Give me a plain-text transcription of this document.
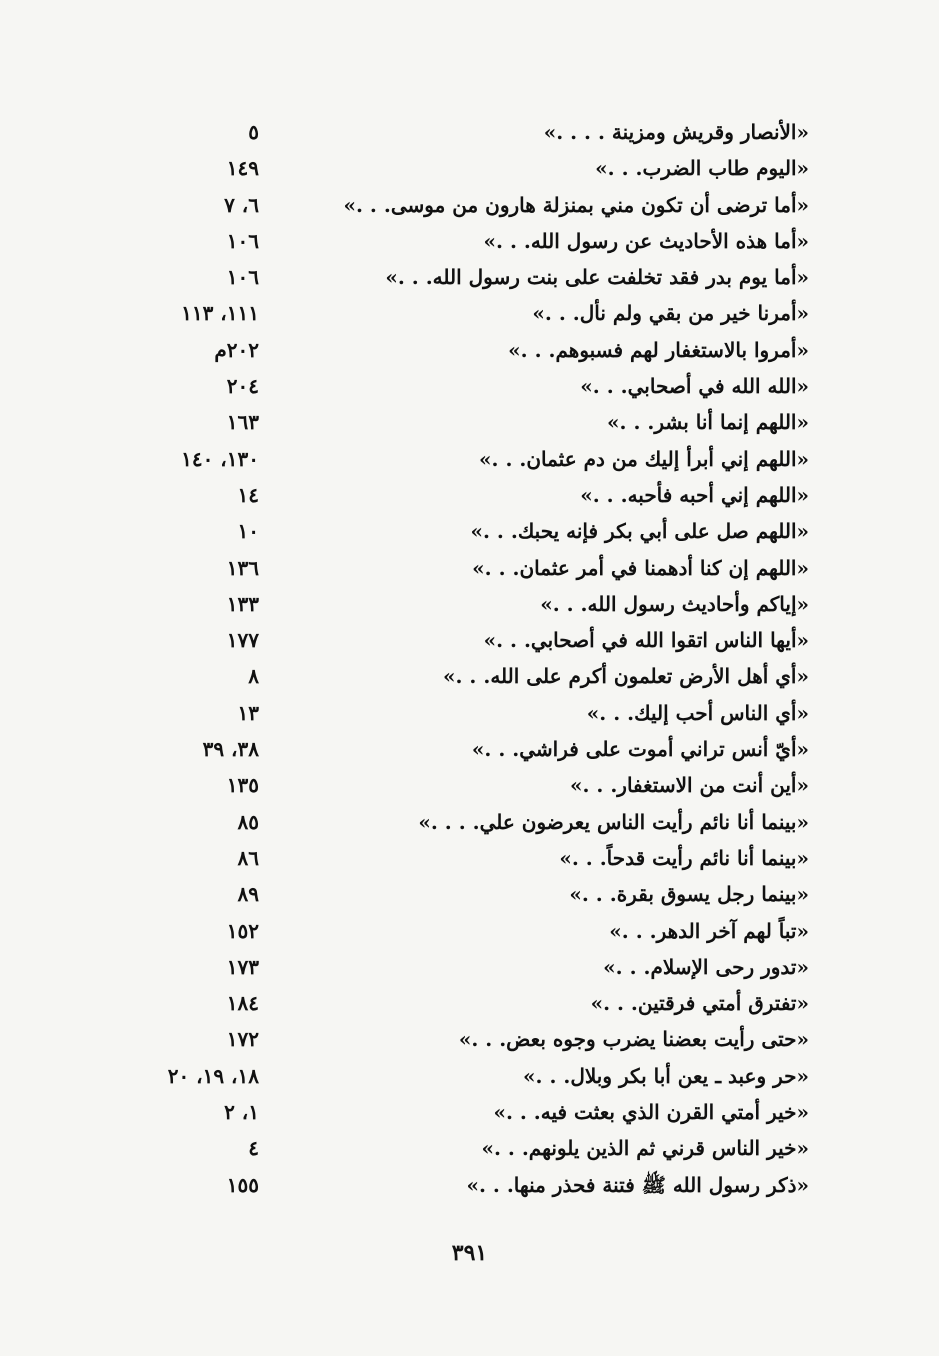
«الأنصار وقريش ومزينة . . . .»
٥
«اليوم طاب الضرب. . .»
١٤٩
«أما ترضى أن تكون مني بمنزلة هارون من موسى. . .»
٦، ٧
«أما هذه الأحاديث عن رسول الله. . .»
١٠٦
«أما يوم بدر فقد تخلفت على بنت رسول الله. . .»
١٠٦
«أمرنا خير من بقي ولم نأل. . .»
١١١، ١١٣
«أمروا بالاستغفار لهم فسبوهم. . .»
٢٠٢م
«الله الله في أصحابي. . .»
٢٠٤
«اللهم إنما أنا بشر. . .»
١٦٣
«اللهم إني أبرأ إليك من دم عثمان. . .»
١٣٠، ١٤٠
«اللهم إني أحبه فأحبه. . .»
١٤
«اللهم صل على أبي بكر فإنه يحبك. . .»
١٠
«اللهم إن كنا أدهمنا في أمر عثمان. . .»
١٣٦
«إياكم وأحاديث رسول الله. . .»
١٣٣
«أيها الناس اتقوا الله في أصحابي. . .»
١٧٧
«أي أهل الأرض تعلمون أكرم على الله. . .»
٨
«أي الناس أحب إليك. . .»
١٣
«أيّ أنس تراني أموت على فراشي. . .»
٣٨، ٣٩
«أين أنت من الاستغفار. . .»
١٣٥
«بينما أنا نائم رأيت الناس يعرضون علي. . . .»
٨٥
«بينما أنا نائم رأيت قدحاً. . .»
٨٦
«بينما رجل يسوق بقرة. . .»
٨٩
«تباً لهم آخر الدهر. . .»
١٥٢
«تدور رحى الإسلام. . .»
١٧٣
«تفترق أمتي فرقتين. . .»
١٨٤
«حتى رأيت بعضنا يضرب وجوه بعض. . .»
١٧٢
«حر وعبد ـ يعن أبا بكر وبلال. . .»
١٨، ١٩، ٢٠
«خير أمتي القرن الذي بعثت فيه. . .»
١، ٢
«خير الناس قرني ثم الذين يلونهم. . .»
٤
«ذكر رسول الله ﷺ فتنة فحذر منها. . .»
١٥٥
٣٩١
